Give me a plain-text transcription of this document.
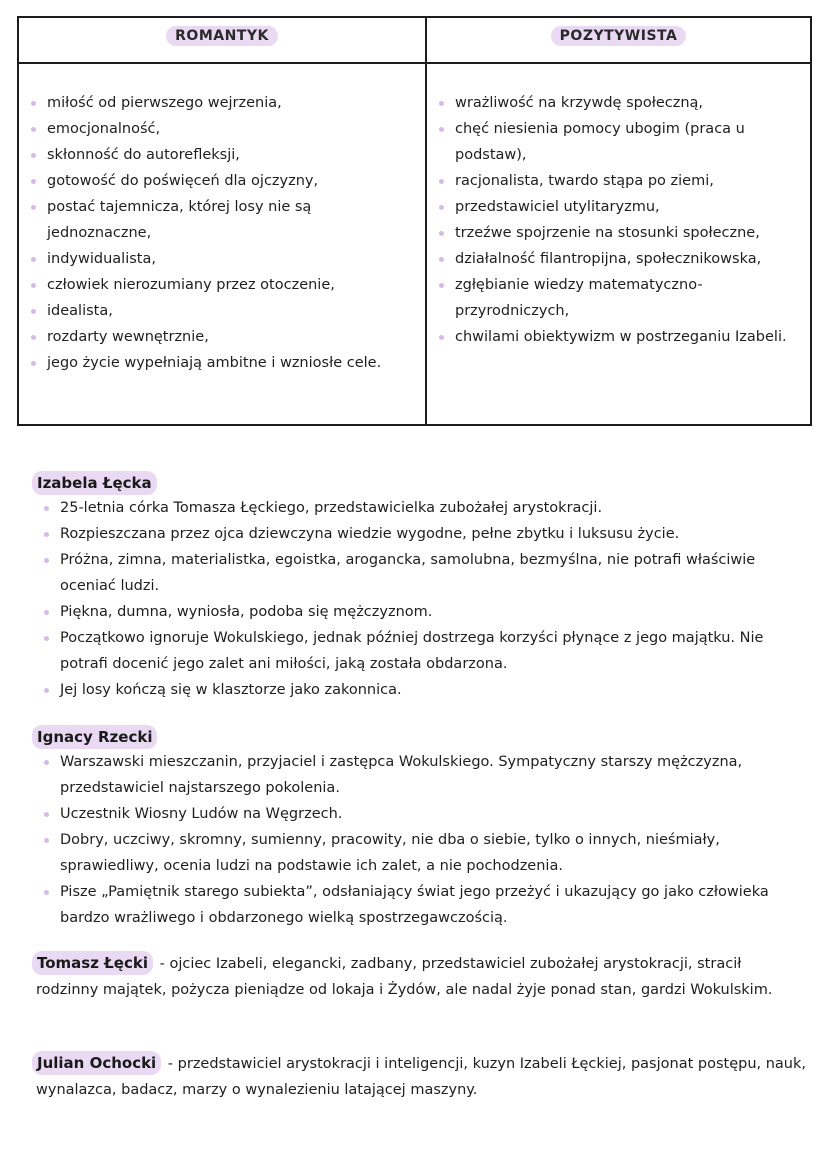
ROMANTYK	POZYTYWISTA
miłość od pierwszego wejrzenia,
emocjonalność,
skłonność do autorefleksji,
gotowość do poświęceń dla ojczyzny,
postać tajemnicza, której losy nie są jednoznaczne,
indywidualista,
człowiek nierozumiany przez otoczenie,
idealista,
rozdarty wewnętrznie,
jego życie wypełniają ambitne i wzniosłe cele.
wrażliwość na krzywdę społeczną,
chęć niesienia pomocy ubogim (praca u podstaw),
racjonalista, twardo stąpa po ziemi,
przedstawiciel utylitaryzmu,
trzeźwe spojrzenie na stosunki społeczne,
działalność filantropijna, społecznikowska,
zgłębianie wiedzy matematyczno-przyrodniczych,
chwilami obiektywizm w postrzeganiu Izabeli.
Izabela Łęcka
25-letnia córka Tomasza Łęckiego, przedstawicielka zubożałej arystokracji.
Rozpieszczana przez ojca dziewczyna wiedzie wygodne, pełne zbytku i luksusu życie.
Próżna, zimna, materialistka, egoistka, arogancka, samolubna, bezmyślna, nie potrafi właściwie oceniać ludzi.
Piękna, dumna, wyniosła, podoba się mężczyznom.
Początkowo ignoruje Wokulskiego, jednak później dostrzega korzyści płynące z jego majątku. Nie potrafi docenić jego zalet ani miłości, jaką została obdarzona.
Jej losy kończą się w klasztorze jako zakonnica.
Ignacy Rzecki
Warszawski mieszczanin, przyjaciel i zastępca Wokulskiego. Sympatyczny starszy mężczyzna, przedstawiciel najstarszego pokolenia.
Uczestnik Wiosny Ludów na Węgrzech.
Dobry, uczciwy, skromny, sumienny, pracowity, nie dba o siebie, tylko o innych, nieśmiały, sprawiedliwy, ocenia ludzi na podstawie ich zalet, a nie pochodzenia.
Pisze „Pamiętnik starego subiekta”, odsłaniający świat jego przeżyć i ukazujący go jako człowieka bardzo wrażliwego i obdarzonego wielką spostrzegawczością.
Tomasz Łęcki - ojciec Izabeli, elegancki, zadbany, przedstawiciel zubożałej arystokracji, stracił rodzinny majątek, pożycza pieniądze od lokaja i Żydów, ale nadal żyje ponad stan, gardzi Wokulskim.
Julian Ochocki - przedstawiciel arystokracji i inteligencji, kuzyn Izabeli Łęckiej, pasjonat postępu, nauk, wynalazca, badacz, marzy o wynalezieniu latającej maszyny.
